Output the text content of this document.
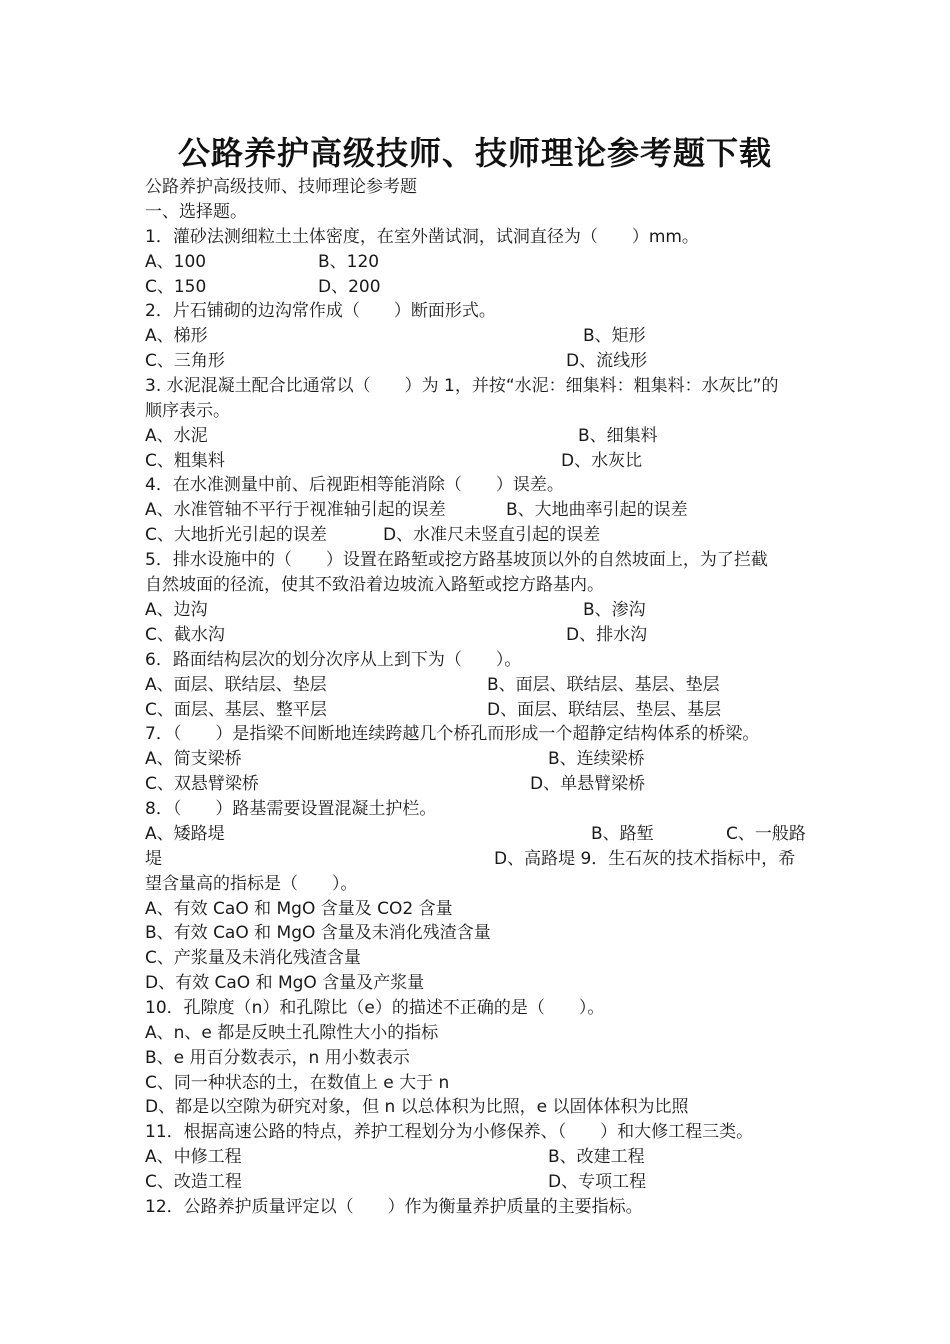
公路养护高级技师、技师理论参考题下载
公路养护高级技师、技师理论参考题
一、选择题。
1．灌砂法测细粒土土体密度，在室外凿试洞，试洞直径为（　　）mm。
A、100	B、120
C、150	D、200
2．片石铺砌的边沟常作成（　　）断面形式。
A、梯形	B、矩形
C、三角形	D、流线形
3. 水泥混凝土配合比通常以（　　）为 1，并按“水泥：细集料：粗集料：水灰比”的
顺序表示。
A、水泥	B、细集料
C、粗集料	D、水灰比
4．在水准测量中前、后视距相等能消除（　　）误差。
A、水准管轴不平行于视准轴引起的误差	B、大地曲率引起的误差
C、大地折光引起的误差	D、水准尺未竖直引起的误差
5．排水设施中的（　　）设置在路堑或挖方路基坡顶以外的自然坡面上，为了拦截
自然坡面的径流，使其不致沿着边坡流入路堑或挖方路基内。
A、边沟	B、渗沟
C、截水沟	D、排水沟
6．路面结构层次的划分次序从上到下为（　　）。
A、面层、联结层、垫层	B、面层、联结层、基层、垫层
C、面层、基层、整平层	D、面层、联结层、垫层、基层
7．（　　）是指梁不间断地连续跨越几个桥孔而形成一个超静定结构体系的桥梁。
A、简支梁桥	B、连续梁桥
C、双悬臂梁桥	D、单悬臂梁桥
8．（　　）路基需要设置混凝土护栏。
A、矮路堤	B、路堑	C、一般路
堤	D、高路堤 9．生石灰的技术指标中，希
望含量高的指标是（　　）。
A、有效 CaO 和 MgO 含量及 CO2 含量
B、有效 CaO 和 MgO 含量及未消化残渣含量
C、产浆量及未消化残渣含量
D、有效 CaO 和 MgO 含量及产浆量
10．孔隙度（n）和孔隙比（e）的描述不正确的是（　　）。
A、n、e 都是反映土孔隙性大小的指标
B、e 用百分数表示，n 用小数表示
C、同一种状态的土，在数值上 e 大于 n
D、都是以空隙为研究对象，但 n 以总体积为比照，e 以固体体积为比照
11．根据高速公路的特点，养护工程划分为小修保养、（　　）和大修工程三类。
A、中修工程	B、改建工程
C、改造工程	D、专项工程
12．公路养护质量评定以（　　）作为衡量养护质量的主要指标。
